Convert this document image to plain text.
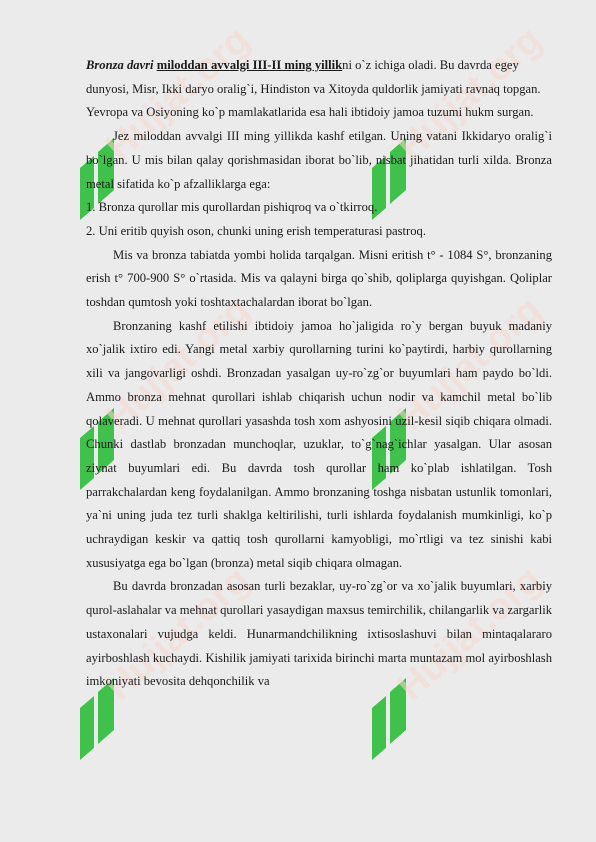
Bronza davri miloddan avvalgi III-II ming yillikni o`z ichiga oladi. Bu davrda egey dunyosi, Misr, Ikki daryo oralig`i, Hindiston va Xitoyda quldorlik jamiyati ravnaq topgan. Yevropa va Osiyoning ko`p mamlakatlarida esa hali ibtidoiy jamoa tuzumi hukm surgan.

Jez miloddan avvalgi III ming yillikda kashf etilgan. Uning vatani Ikkidaryo oralig`i bo`lgan. U mis bilan qalay qorishmasidan iborat bo`lib, nisbat jihatidan turli xilda. Bronza metal sifatida ko`p afzalliklarga ega:

1. Bronza qurollar mis qurollardan pishiqroq va o`tkirroq.

2. Uni eritib quyish oson, chunki uning erish temperaturasi pastroq.

Mis va bronza tabiatda yombi holida tarqalgan. Misni eritish t° - 1084 S°, bronzaning erish t° 700-900 S° o`rtasida. Mis va qalayni birga qo`shib, qoliplarga quyishgan. Qoliplar toshdan qumtosh yoki toshtaxtachalardan iborat bo`lgan.

Bronzaning kashf etilishi ibtidoiy jamoa ho`jaligida ro`y bergan buyuk madaniy xo`jalik ixtiro edi. Yangi metal xarbiy qurollarning turini ko`paytirdi, harbiy qurollarning xili va jangovarligi oshdi. Bronzadan yasalgan uy-ro`zg`or buyumlari ham paydo bo`ldi. Ammo bronza mehnat qurollari ishlab chiqarish uchun nodir va kamchil metal bo`lib qolaveradi. U mehnat qurollari yasashda tosh xom ashyosini uzil-kesil siqib chiqara olmadi. Chunki dastlab bronzadan munchoqlar, uzuklar, to`g`nag`ichlar yasalgan. Ular asosan ziynat buyumlari edi. Bu davrda tosh qurollar ham ko`plab ishlatilgan. Tosh parrakchalardan keng foydalanilgan. Ammo bronzaning toshga nisbatan ustunlik tomonlari, ya`ni uning juda tez turli shaklga keltirilishi, turli ishlarda foydalanish mumkinligi, ko`p uchraydigan keskir va qattiq tosh qurollarni kamyobligi, mo`rtligi va tez sinishi kabi xususiyatga ega bo`lgan (bronza) metal siqib chiqara olmagan.

Bu davrda bronzadan asosan turli bezaklar, uy-ro`zg`or va xo`jalik buyumlari, xarbiy qurol-aslahalar va mehnat qurollari yasaydigan maxsus temirchilik, chilangarlik va zargarlik ustaxonalari vujudga keldi. Hunarmandchilikning ixtisoslashuvi bilan mintaqalararo ayirboshlash kuchaydi. Kishilik jamiyati tarixida birinchi marta muntazam mol ayirboshlash imkoniyati bevosita dehqonchilik va
